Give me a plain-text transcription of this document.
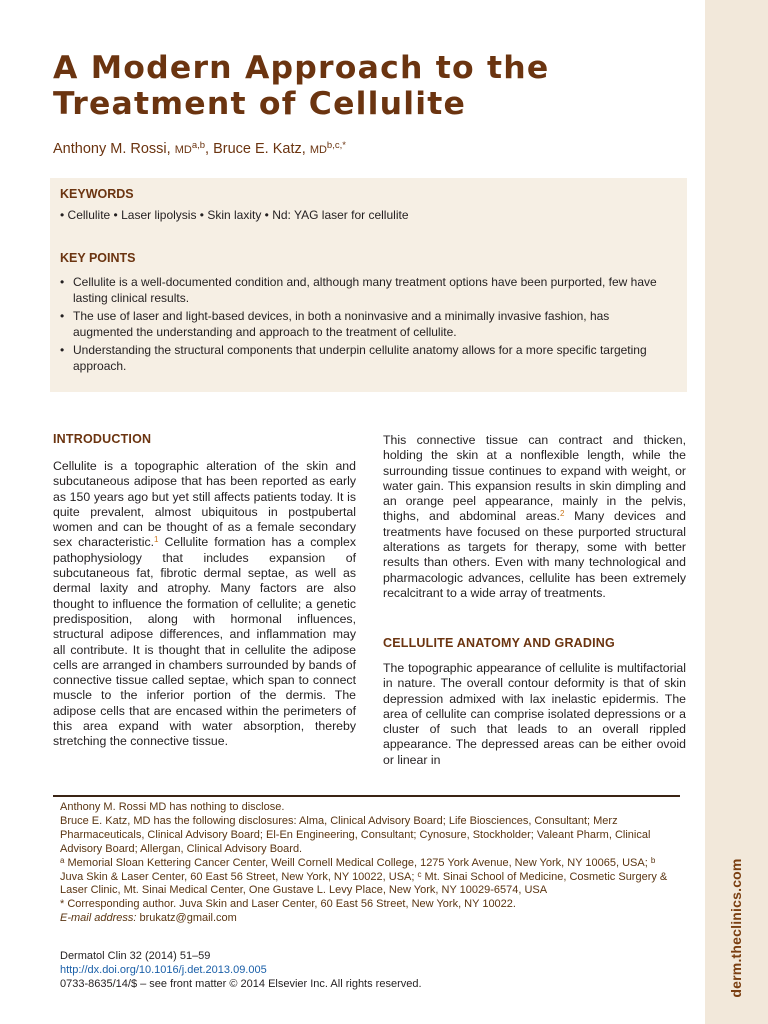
derm.theclinics.com
A Modern Approach to the
Treatment of Cellulite
Anthony M. Rossi, MD$^{a,b}$, Bruce E. Katz, $MD^{b,c,*}$
KEYWORDS
• Cellulite • Laser lipolysis • Skin laxity • Nd: YAG laser for cellulite
KEY POINTS
• Cellulite is a well-documented condition and, although many treatment options have been purported, few have lasting clinical results.
• The use of laser and light-based devices, in both a noninvasive and a minimally invasive fashion, has augmented the understanding and approach to the treatment of cellulite.
• Understanding the structural components that underpin cellulite anatomy allows for a more specific targeting approach.
INTRODUCTION
Cellulite is a topographic alteration of the skin and subcutaneous adipose that has been reported as early as 150 years ago but yet still affects patients today. It is quite prevalent, almost ubiquitous in postpubertal women and can be thought of as a female secondary sex characteristic.$^1$ Cellulite formation has a complex pathophysiology that includes expansion of subcutaneous fat, fibrotic dermal septae, as well as dermal laxity and atrophy. Many factors are also thought to influence the formation of cellulite; a genetic predisposition, along with hormonal influences, structural adipose differences, and inflammation may all contribute. It is thought that in cellulite the adipose cells are arranged in chambers surrounded by bands of connective tissue called septae, which span to connect muscle to the inferior portion of the dermis. The adipose cells that are encased within the perimeters of this area expand with water absorption, thereby stretching the connective tissue.
This connective tissue can contract and thicken, holding the skin at a nonflexible length, while the surrounding tissue continues to expand with weight, or water gain. This expansion results in skin dimpling and an orange peel appearance, mainly in the pelvis, thighs, and abdominal areas.$^2$ Many devices and treatments have focused on these purported structural alterations as targets for therapy, some with better results than others. Even with many technological and pharmacologic advances, cellulite has been extremely recalcitrant to a wide array of treatments.
CELLULITE ANATOMY AND GRADING
The topographic appearance of cellulite is multifactorial in nature. The overall contour deformity is that of skin depression admixed with lax inelastic epidermis. The area of cellulite can comprise isolated depressions or a cluster of such that leads to an overall rippled appearance. The depressed areas can be either ovoid or linear in

Anthony M. Rossi MD has nothing to disclose.

Bruce E. Katz, MD has the following disclosures: Alma, Clinical Advisory Board; Life Biosciences, Consultant; Merz Pharmaceuticals, Clinical Advisory Board; El-En Engineering, Consultant; Cynosure, Stockholder; Valeant Pharm, Clinical Advisory Board; Allergan, Clinical Advisory Board.

$^a$ Memorial Sloan Kettering Cancer Center, Weill Cornell Medical College, 1275 York Avenue, New York, NY 10065, USA; $^b$ Juva Skin & Laser Center, 60 East 56 Street, New York, NY 10022, USA; $^c$ Mt. Sinai School of Medicine, Cosmetic Surgery & Laser Clinic, Mt. Sinai Medical Center, One Gustave L. Levy Place, New York, NY 10029-6574, USA

* Corresponding author. Juva Skin and Laser Center, 60 East 56 Street, New York, NY 10022.

E-mail address: brukatz@gmail.com

Dermatol Clin 32 (2014) 51–59

http://dx.doi.org/10.1016/j.det.2013.09.005

0733-8635/14/$ – see front matter © 2014 Elsevier Inc. All rights reserved.
